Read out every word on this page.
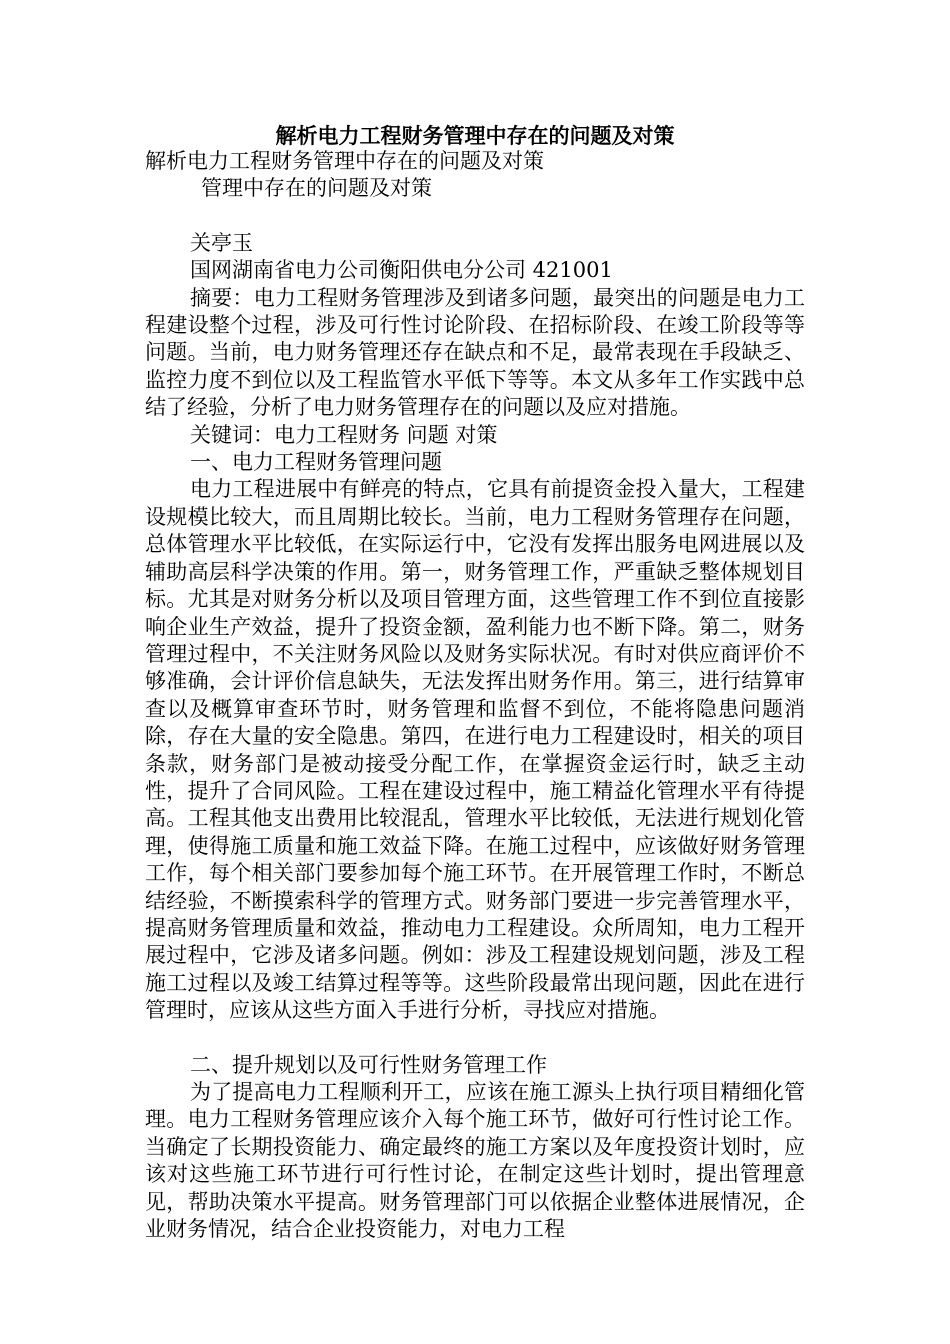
解析电力工程财务管理中存在的问题及对策

解析电力工程财务管理中存在的问题及对策

管理中存在的问题及对策

关亭玉

国网湖南省电力公司衡阳供电分公司 421001

摘要：电力工程财务管理涉及到诸多问题，最突出的问题是电力工程建设整个过程，涉及可行性讨论阶段、在招标阶段、在竣工阶段等等问题。当前，电力财务管理还存在缺点和不足，最常表现在手段缺乏、监控力度不到位以及工程监管水平低下等等。本文从多年工作实践中总结了经验，分析了电力财务管理存在的问题以及应对措施。

关键词：电力工程财务 问题 对策

一、电力工程财务管理问题

电力工程进展中有鲜亮的特点，它具有前提资金投入量大，工程建设规模比较大，而且周期比较长。当前，电力工程财务管理存在问题，总体管理水平比较低，在实际运行中，它没有发挥出服务电网进展以及辅助高层科学决策的作用。第一，财务管理工作，严重缺乏整体规划目标。尤其是对财务分析以及项目管理方面，这些管理工作不到位直接影响企业生产效益，提升了投资金额，盈利能力也不断下降。第二，财务管理过程中，不关注财务风险以及财务实际状况。有时对供应商评价不够准确，会计评价信息缺失，无法发挥出财务作用。第三，进行结算审查以及概算审查环节时，财务管理和监督不到位，不能将隐患问题消除，存在大量的安全隐患。第四，在进行电力工程建设时，相关的项目条款，财务部门是被动接受分配工作，在掌握资金运行时，缺乏主动性，提升了合同风险。工程在建设过程中，施工精益化管理水平有待提高。工程其他支出费用比较混乱，管理水平比较低，无法进行规划化管理，使得施工质量和施工效益下降。在施工过程中，应该做好财务管理工作，每个相关部门要参加每个施工环节。在开展管理工作时，不断总结经验，不断摸索科学的管理方式。财务部门要进一步完善管理水平，提高财务管理质量和效益，推动电力工程建设。众所周知，电力工程开展过程中，它涉及诸多问题。例如：涉及工程建设规划问题，涉及工程施工过程以及竣工结算过程等等。这些阶段最常出现问题，因此在进行管理时，应该从这些方面入手进行分析，寻找应对措施。

二、提升规划以及可行性财务管理工作

为了提高电力工程顺利开工，应该在施工源头上执行项目精细化管理。电力工程财务管理应该介入每个施工环节，做好可行性讨论工作。当确定了长期投资能力、确定最终的施工方案以及年度投资计划时，应该对这些施工环节进行可行性讨论，在制定这些计划时，提出管理意见，帮助决策水平提高。财务管理部门可以依据企业整体进展情况，企业财务情况，结合企业投资能力，对电力工程
